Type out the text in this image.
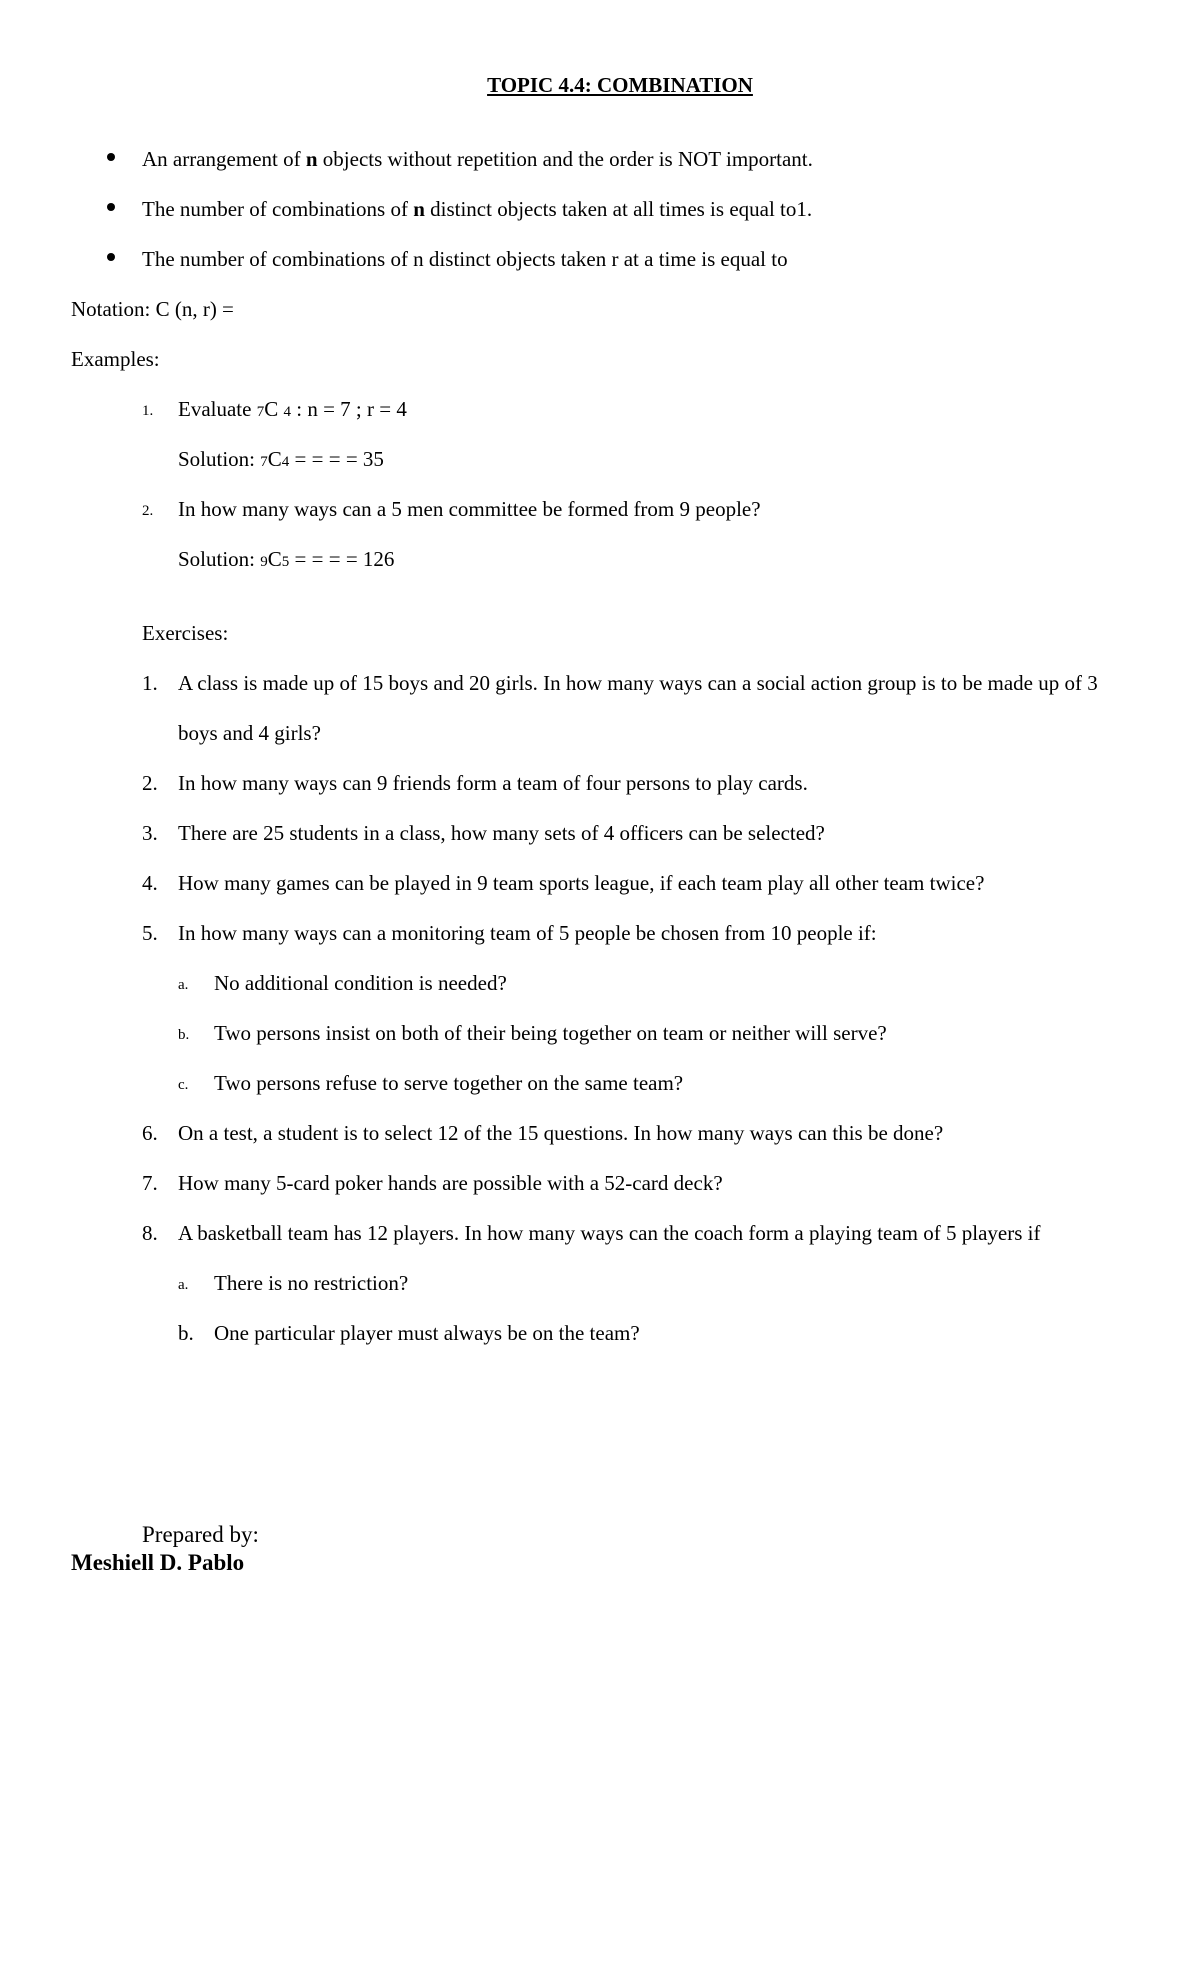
TOPIC 4.4: COMBINATION
An arrangement of n objects without repetition and the order is NOT important.
The number of combinations of n distinct objects taken at all times is equal to1.
The number of combinations of n distinct objects taken r at a time is equal to
Notation: C (n, r) =
Examples:
1. Evaluate 7C 4 : n = 7 ; r = 4
Solution: 7C4 = = = = 35
2. In how many ways can a 5 men committee be formed from 9 people?
Solution: 9C5 = = = = 126
Exercises:
1. A class is made up of 15 boys and 20 girls. In how many ways can a social action group is to be made up of 3
boys and 4 girls?
2. In how many ways can 9 friends form a team of four persons to play cards.
3. There are 25 students in a class, how many sets of 4 officers can be selected?
4. How many games can be played in 9 team sports league, if each team play all other team twice?
5. In how many ways can a monitoring team of 5 people be chosen from 10 people if:
a. No additional condition is needed?
b. Two persons insist on both of their being together on team or neither will serve?
c. Two persons refuse to serve together on the same team?
6. On a test, a student is to select 12 of the 15 questions. In how many ways can this be done?
7. How many 5-card poker hands are possible with a 52-card deck?
8. A basketball team has 12 players. In how many ways can the coach form a playing team of 5 players if
a. There is no restriction?
b. One particular player must always be on the team?
Prepared by:
Meshiell D. Pablo
